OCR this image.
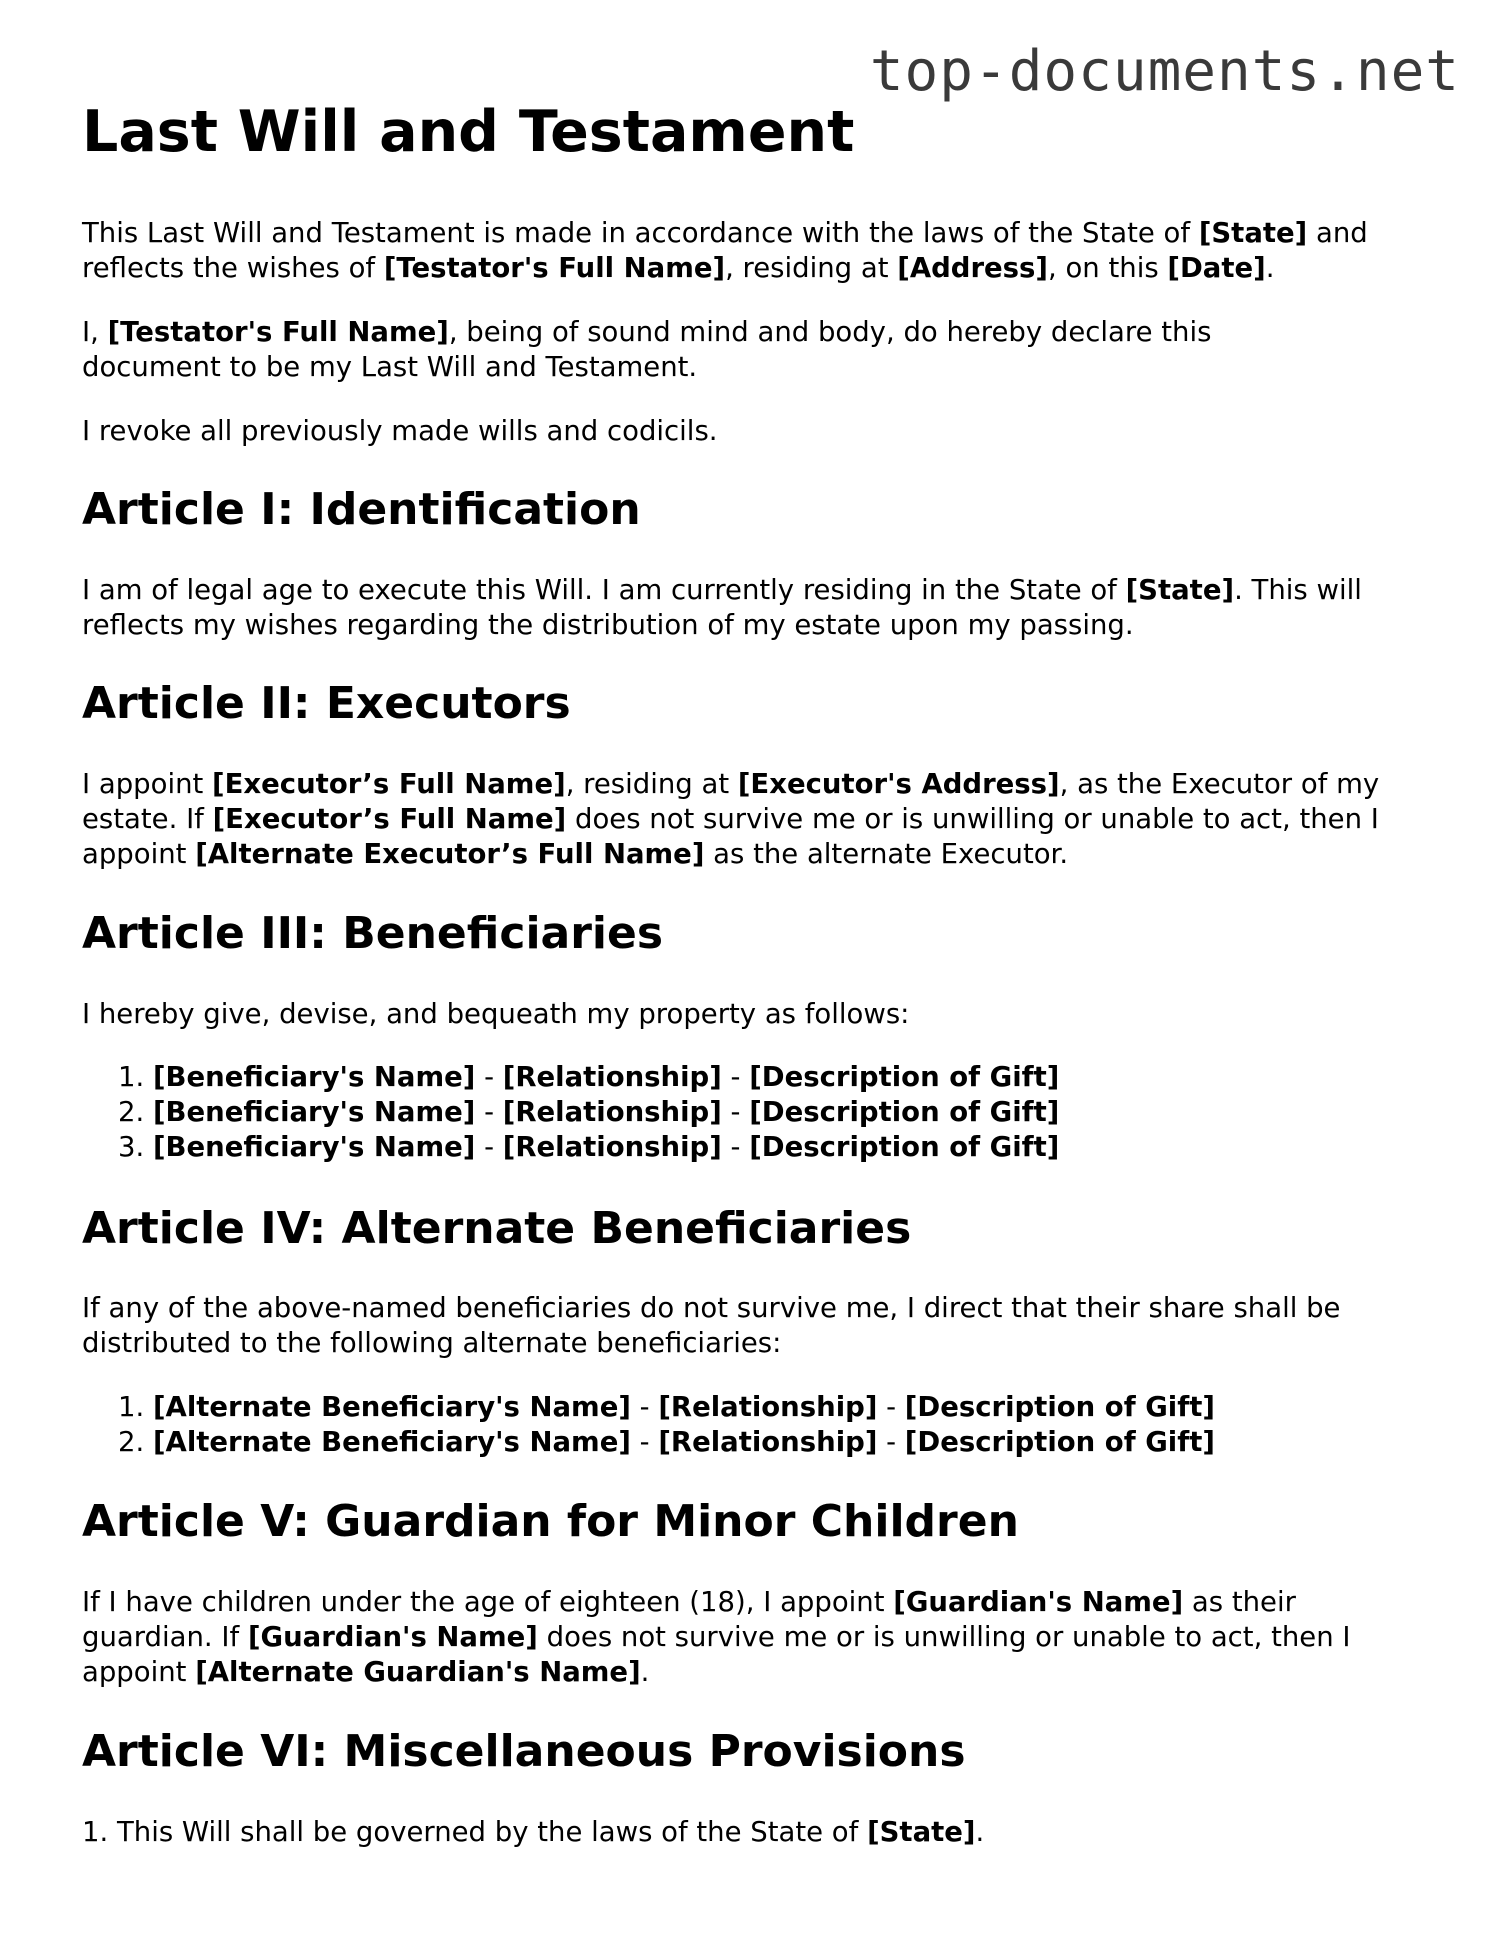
top-documents.net
Last Will and Testament

This Last Will and Testament is made in accordance with the laws of the State of [State] and reflects the wishes of [Testator's Full Name], residing at [Address], on this [Date].

I, [Testator's Full Name], being of sound mind and body, do hereby declare this document to be my Last Will and Testament.

I revoke all previously made wills and codicils.

Article I: Identification

I am of legal age to execute this Will. I am currently residing in the State of [State]. This will reflects my wishes regarding the distribution of my estate upon my passing.

Article II: Executors

I appoint [Executor’s Full Name], residing at [Executor's Address], as the Executor of my estate. If [Executor’s Full Name] does not survive me or is unwilling or unable to act, then I appoint [Alternate Executor’s Full Name] as the alternate Executor.

Article III: Beneficiaries

I hereby give, devise, and bequeath my property as follows:

1. [Beneficiary's Name] - [Relationship] - [Description of Gift]
2. [Beneficiary's Name] - [Relationship] - [Description of Gift]
3. [Beneficiary's Name] - [Relationship] - [Description of Gift]
Article IV: Alternate Beneficiaries

If any of the above-named beneficiaries do not survive me, I direct that their share shall be distributed to the following alternate beneficiaries:

1. [Alternate Beneficiary's Name] - [Relationship] - [Description of Gift]
2. [Alternate Beneficiary's Name] - [Relationship] - [Description of Gift]
Article V: Guardian for Minor Children

If I have children under the age of eighteen (18), I appoint [Guardian's Name] as their guardian. If [Guardian's Name] does not survive me or is unwilling or unable to act, then I appoint [Alternate Guardian's Name].

Article VI: Miscellaneous Provisions

1. This Will shall be governed by the laws of the State of [State].
